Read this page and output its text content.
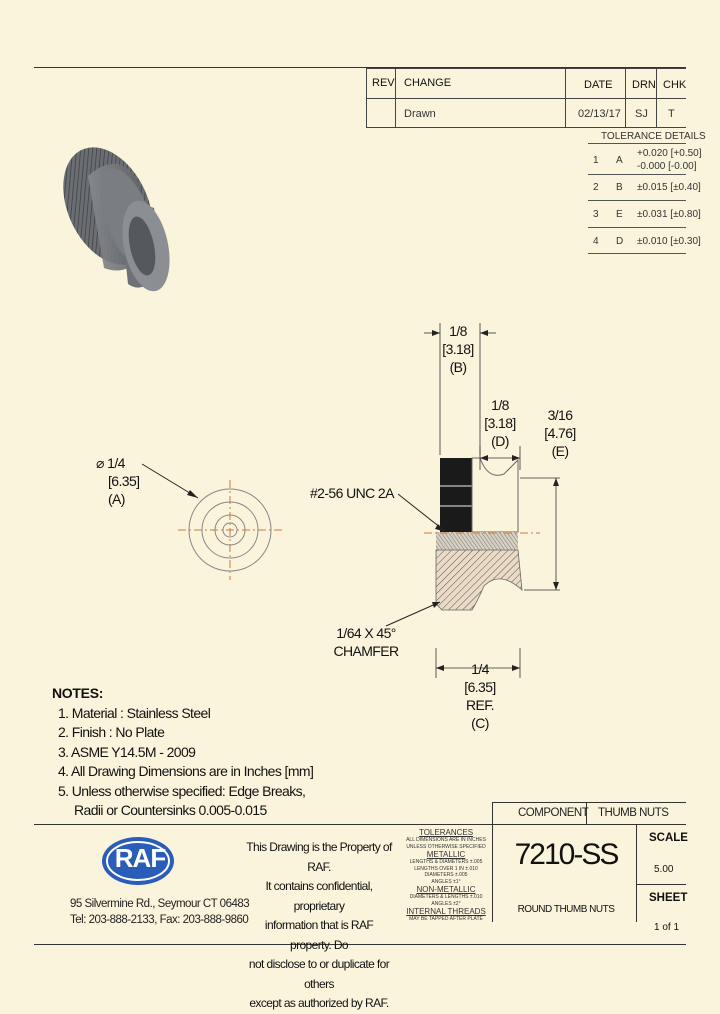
REV CHANGE	DATE DRN CHK
Drawn	02/13/17 SJ T
TOLERANCE DETAILS
1 A
+0.020 [+0.50]
-0.000 [-0.00]
2 B ±0.015 [±0.40]
3 E ±0.031 [±0.80]
4 D ±0.010 [±0.30]
⌀ 1/4
[6.35]
(A)
1/8
[3.18]
(B)
1/8
[3.18]
(D)
3/16
[4.76]
(E)
#2-56 UNC 2A
1/64 X 45°
CHAMFER
1/4
[6.35]
REF.
(C)
NOTES:
1. Material : Stainless Steel
2. Finish : No Plate
3. ASME Y14.5M - 2009
4. All Drawing Dimensions are in Inches [mm]
5. Unless otherwise specified: Edge Breaks,
Radii or Countersinks 0.005-0.015
RAF
95 Silvermine Rd., Seymour CT 06483
Tel: 203-888-2133, Fax: 203-888-9860
This Drawing is the Property of RAF.
It contains confidential, proprietary
information that is RAF property. Do
not disclose to or duplicate for others
except as authorized by RAF.
TOLERANCES
ALL DIMENSIONS ARE IN INCHES
UNLESS OTHERWISE SPECIFIED
METALLIC
LENGTHS & DIAMETERS ±.005
LENGTHS OVER 1 IN ±.010
DIAMETERS ±.005
ANGLES ±1°
NON-METALLIC
DIAMETERS & LENGTHS ±.010
ANGLES ±2°
INTERNAL THREADS
MAY BE TAPPED AFTER PLATE
COMPONENT THUMB NUTS
7210-SS
ROUND THUMB NUTS
SCALE
5.00
SHEET
1 of 1
